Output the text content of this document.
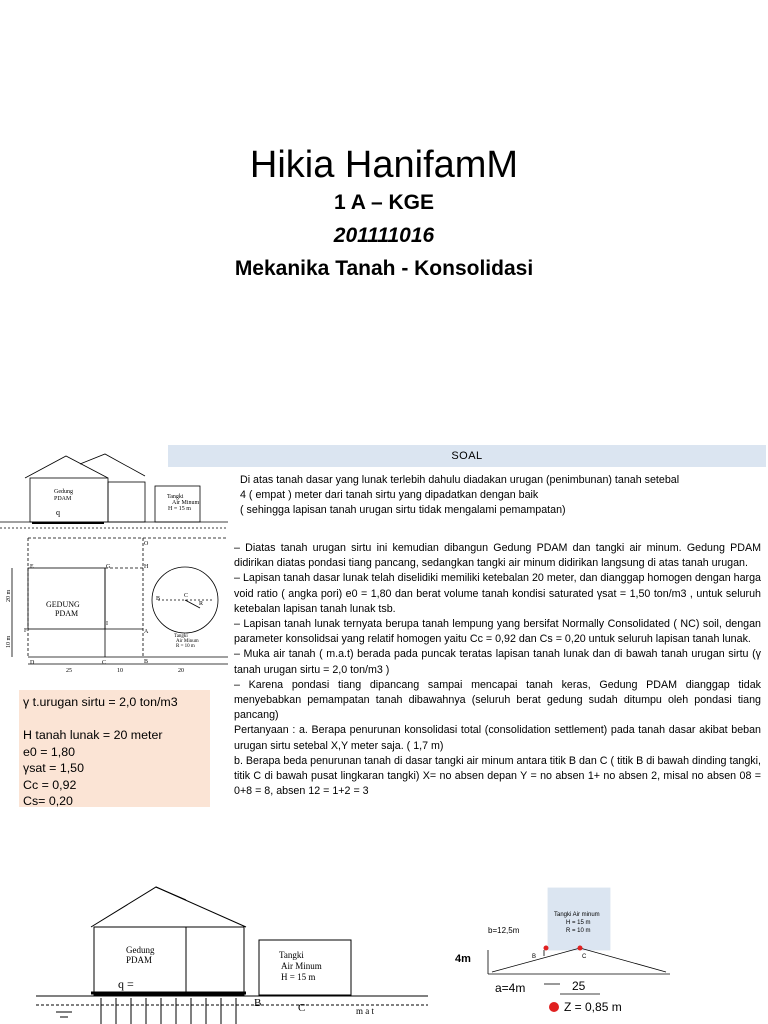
Hikia HanifamM
1 A – KGE
201111016
Mekanika Tanah - Konsolidasi
SOAL
Di atas tanah dasar yang lunak terlebih dahulu diadakan urugan (penimbunan) tanah setebal
4 ( empat ) meter dari tanah sirtu yang dipadatkan dengan baik
( sehingga lapisan tanah urugan sirtu tidak mengalami pemampatan)

– Diatas tanah urugan sirtu ini kemudian dibangun Gedung PDAM dan tangki air minum. Gedung PDAM didirikan diatas pondasi tiang pancang, sedangkan tangki air minum didirikan langsung di atas tanah urugan.

– Lapisan tanah dasar lunak telah diselidiki memiliki ketebalan 20 meter, dan dianggap homogen dengan harga void ratio ( angka pori) e0 = 1,80 dan berat volume tanah kondisi saturated γsat = 1,50 ton/m3 , untuk seluruh ketebalan lapisan tanah lunak tsb.

– Lapisan tanah lunak ternyata berupa tanah lempung yang bersifat Normally Consolidated ( NC) soil, dengan parameter konsolidsai yang relatif homogen yaitu Cc = 0,92 dan Cs = 0,20 untuk seluruh lapisan tanah lunak.

– Muka air tanah ( m.a.t) berada pada puncak teratas lapisan tanah lunak dan di bawah tanah urugan sirtu (γ tanah urugan sirtu = 2,0 ton/m3 )

– Karena pondasi tiang dipancang sampai mencapai tanah keras, Gedung PDAM dianggap tidak menyebabkan pemampatan tanah dibawahnya (seluruh berat gedung sudah ditumpu oleh pondasi tiang pancang)

Pertanyaan : a. Berapa penurunan konsolidasi total (consolidation settlement) pada tanah dasar akibat beban urugan sirtu setebal X,Y meter saja. ( 1,7 m)

b. Berapa beda penurunan tanah di dasar tangki air minum antara titik B dan C ( titik B di bawah dinding tangki, titik C di bawah pusat lingkaran tangki) X= no absen depan Y = no absen 1+ no absen 2, misal no absen 08 = 0+8 = 8, absen 12 = 1+2 = 3

γ t.urugan sirtu = 2,0 ton/m3
H tanah lunak = 20 meter
e0 = 1,80
γsat = 1,50
Cc = 0,92
Cs= 0,20
Gedung
PDAM
q
Tangki
Air Minum
H = 15 m
GEDUNG
PDAM
Tangki
Air Minum
R = 10 m
O
E	G	H
F
I
A
D	C	B
B	C
R
25	10	20
20 m
10 m
Gedung
PDAM
q =
Tangki
Air Minum
H = 15 m
B	C	m a t
Tangki Air minum
H = 15 m
R = 10 m
b=12,5m
4m
a=4m	25
B	C
Z = 0,85 m
